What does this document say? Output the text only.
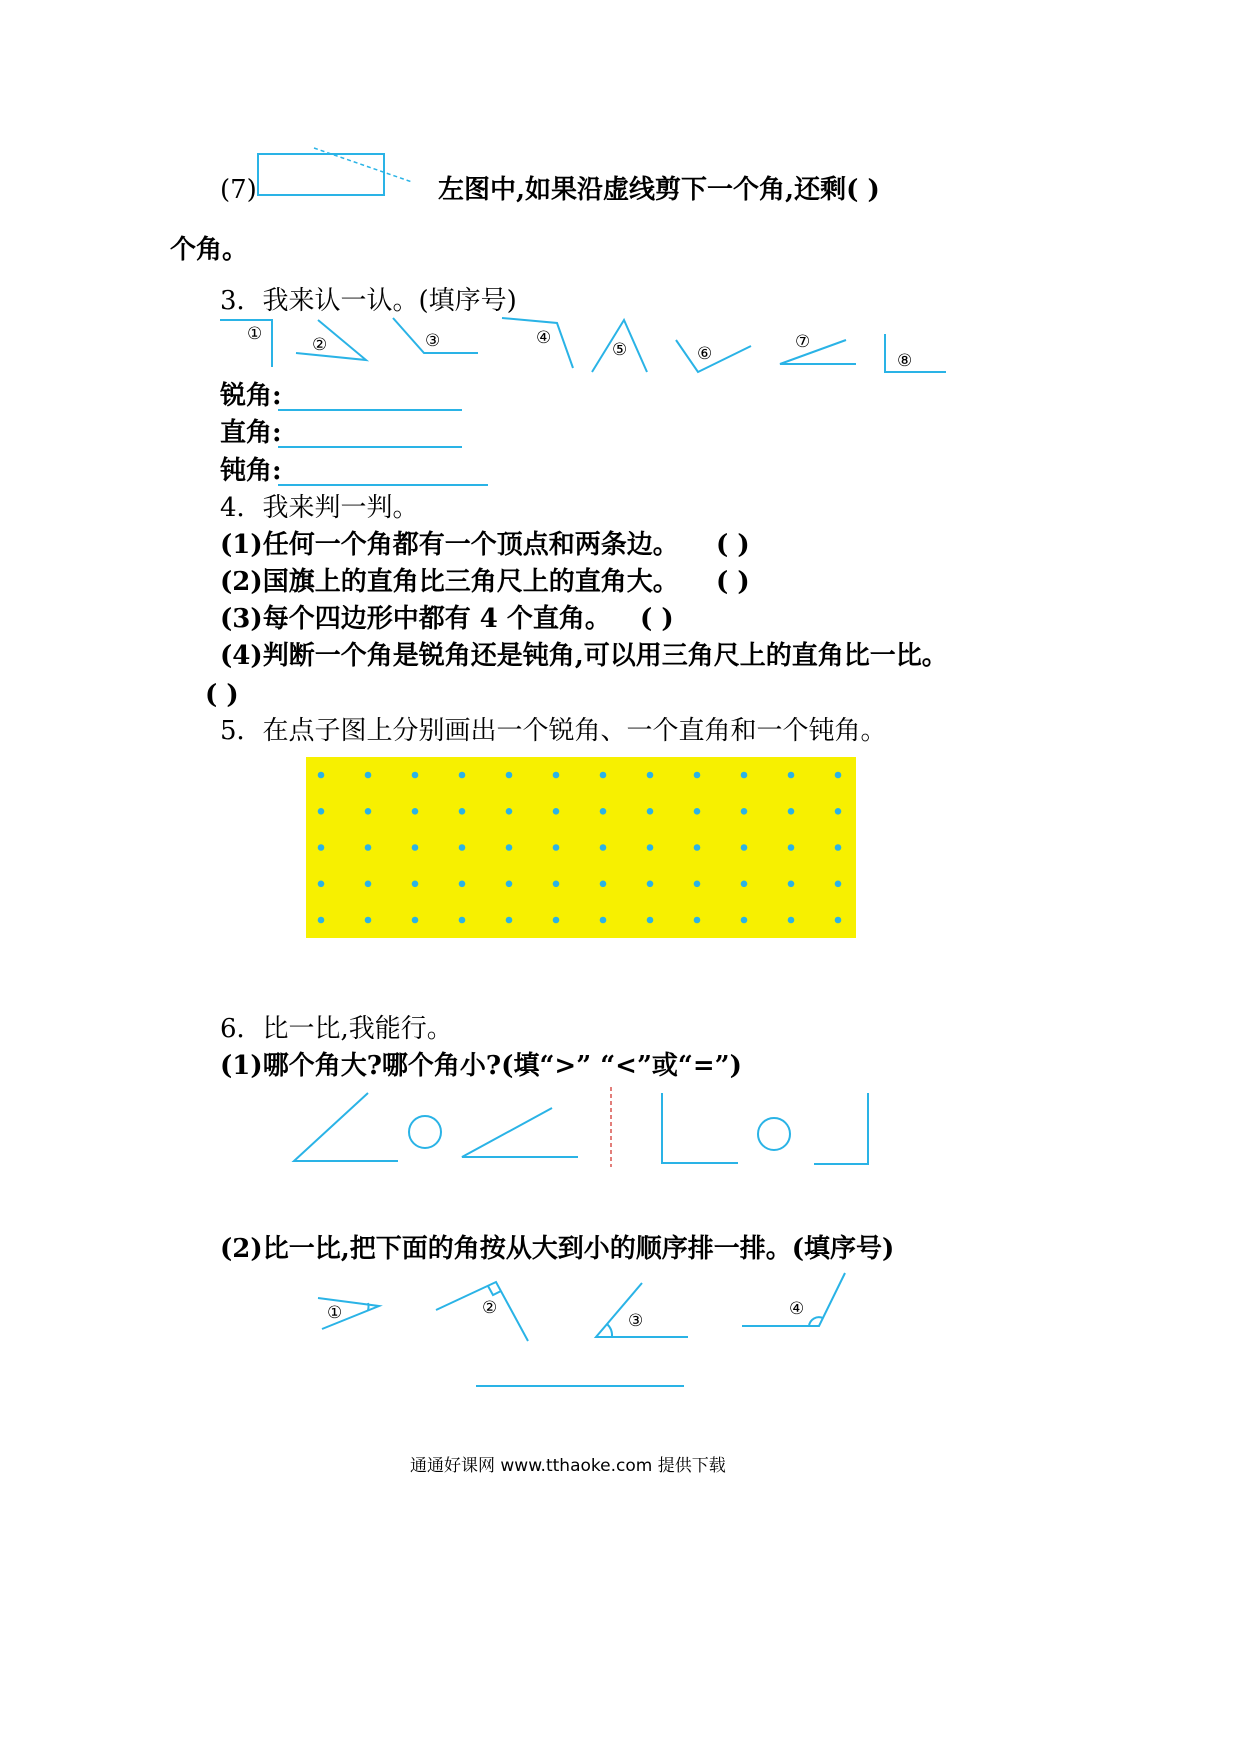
(7)	左图中,如果沿虚线剪下一个角,还剩( )
个角。
3．我来认一认。(填序号)
①
②	③	④
⑤	⑥
⑦
⑧
锐角:
直角:
钝角:
4．我来判一判。
(1)任何一个角都有一个顶点和两条边。 ( )
(2)国旗上的直角比三角尺上的直角大。 ( )
(3)每个四边形中都有 4 个直角。 ( )
(4)判断一个角是锐角还是钝角,可以用三角尺上的直角比一比。
( )
5．在点子图上分别画出一个锐角、一个直角和一个钝角。
6．比一比,我能行。
(1)哪个角大?哪个角小?(填“>” “<”或“=”)
(2)比一比,把下面的角按从大到小的顺序排一排。(填序号)
①	②
③
④
通通好课网 www.tthaoke.com 提供下载
